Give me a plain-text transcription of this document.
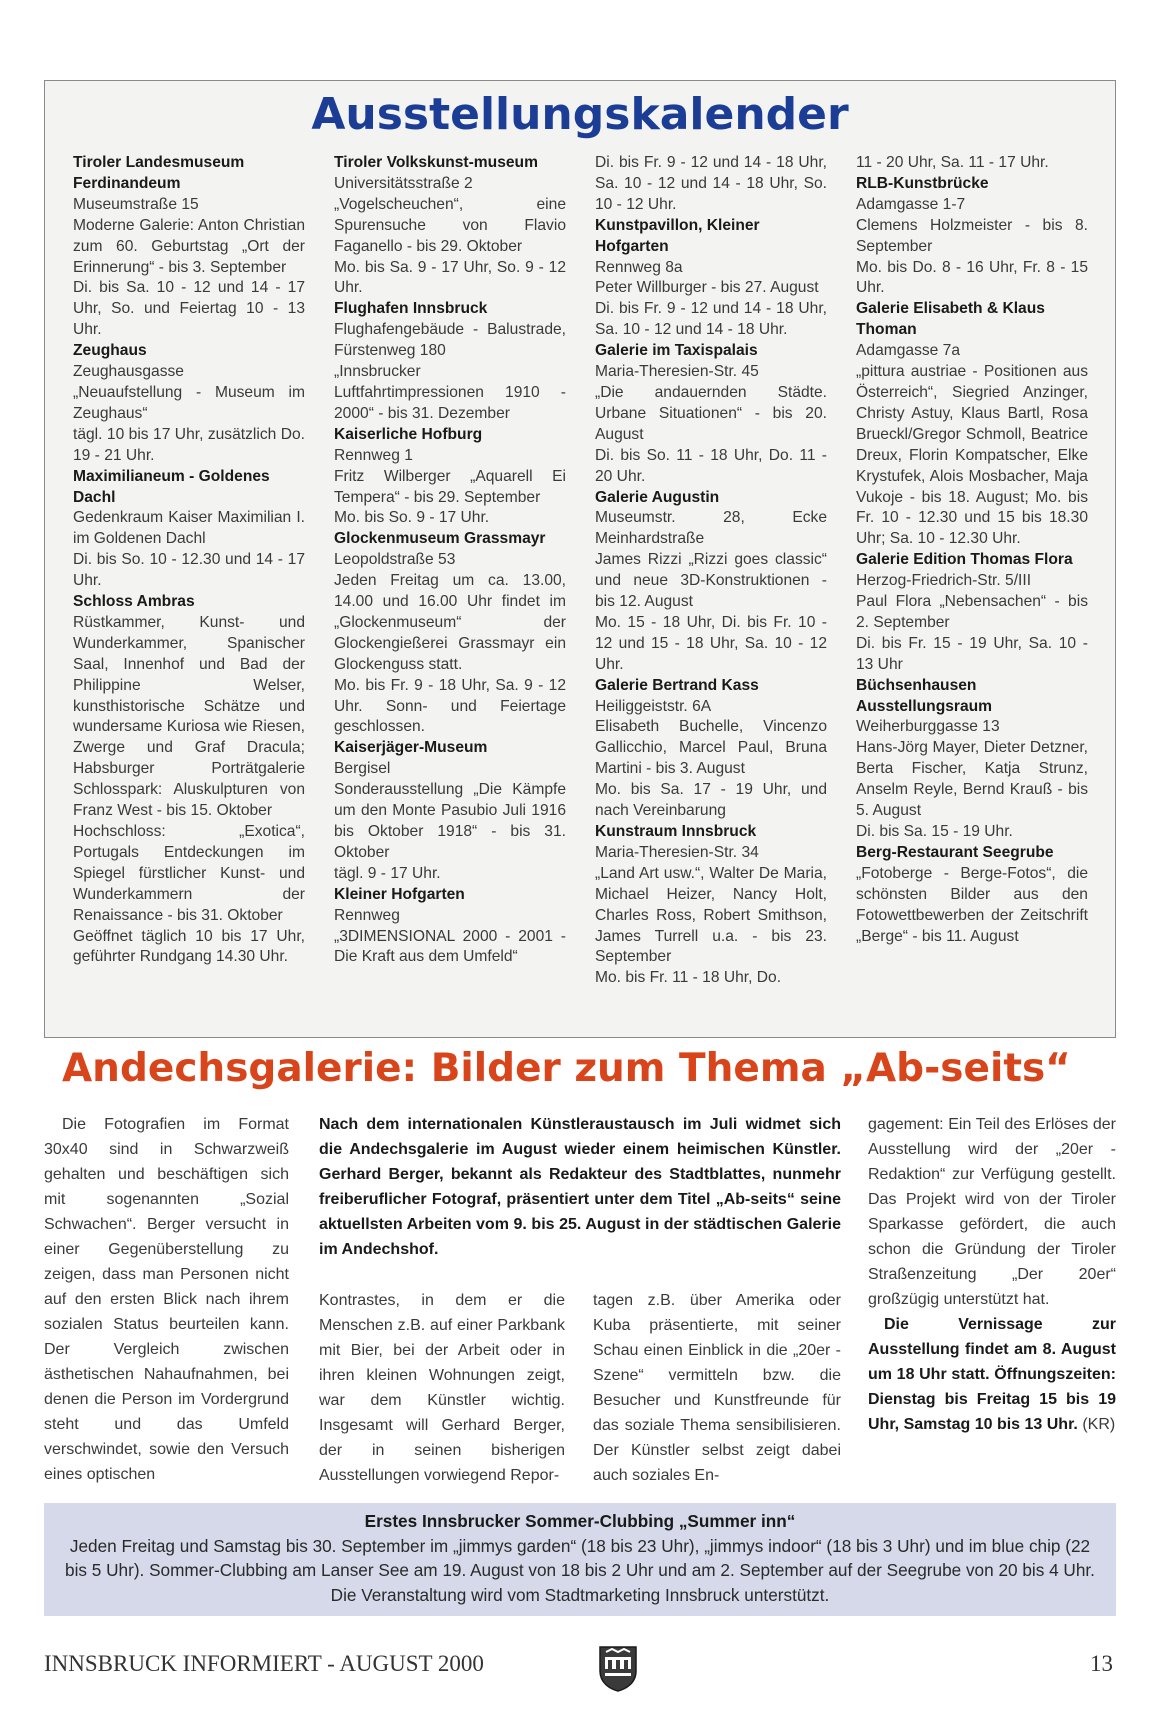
Ausstellungskalender

Tiroler Landesmuseum Ferdinandeum

Museumstraße 15

Moderne Galerie: Anton Christian zum 60. Geburtstag „Ort der Erinnerung“ - bis 3. September

Di. bis Sa. 10 - 12 und 14 - 17 Uhr, So. und Feiertag 10 - 13 Uhr.

Zeughaus

Zeughausgasse

„Neuaufstellung - Museum im Zeughaus“

tägl. 10 bis 17 Uhr, zusätzlich Do. 19 - 21 Uhr.

Maximilianeum - Goldenes Dachl

Gedenkraum Kaiser Maximilian I. im Goldenen Dachl

Di. bis So. 10 - 12.30 und 14 - 17 Uhr.

Schloss Ambras

Rüstkammer, Kunst- und Wunderkammer, Spanischer Saal, Innenhof und Bad der Philippine Welser, kunsthistorische Schätze und wundersame Kuriosa wie Riesen, Zwerge und Graf Dracula; Habsburger Porträtgalerie Schlosspark: Aluskulpturen von Franz West - bis 15. Oktober

Hochschloss: „Exotica“, Portugals Entdeckungen im Spiegel fürstlicher Kunst- und Wunderkammern der Renaissance - bis 31. Oktober

Geöffnet täglich 10 bis 17 Uhr, geführter Rundgang 14.30 Uhr.

Tiroler Volkskunst-museum

Universitätsstraße 2

„Vogelscheuchen“, eine Spurensuche von Flavio Faganello - bis 29. Oktober

Mo. bis Sa. 9 - 17 Uhr, So. 9 - 12 Uhr.

Flughafen Innsbruck

Flughafengebäude - Balustrade, Fürstenweg 180

„Innsbrucker Luftfahrtimpressionen 1910 - 2000“ - bis 31. Dezember

Kaiserliche Hofburg

Rennweg 1

Fritz Wilberger „Aquarell Ei Tempera“ - bis 29. September

Mo. bis So. 9 - 17 Uhr.

Glockenmuseum Grassmayr

Leopoldstraße 53

Jeden Freitag um ca. 13.00, 14.00 und 16.00 Uhr findet im „Glockenmuseum“ der Glockengießerei Grassmayr ein Glockenguss statt.

Mo. bis Fr. 9 - 18 Uhr, Sa. 9 - 12 Uhr. Sonn- und Feiertage geschlossen.

Kaiserjäger-Museum

Bergisel

Sonderausstellung „Die Kämpfe um den Monte Pasubio Juli 1916 bis Oktober 1918“ - bis 31. Oktober

tägl. 9 - 17 Uhr.

Kleiner Hofgarten

Rennweg

„3DIMENSIONAL 2000 - 2001 - Die Kraft aus dem Umfeld“

Di. bis Fr. 9 - 12 und 14 - 18 Uhr, Sa. 10 - 12 und 14 - 18 Uhr, So. 10 - 12 Uhr.

Kunstpavillon, Kleiner Hofgarten

Rennweg 8a

Peter Willburger - bis 27. August

Di. bis Fr. 9 - 12 und 14 - 18 Uhr, Sa. 10 - 12 und 14 - 18 Uhr.

Galerie im Taxispalais

Maria-Theresien-Str. 45

„Die andauernden Städte. Urbane Situationen“ - bis 20. August

Di. bis So. 11 - 18 Uhr, Do. 11 - 20 Uhr.

Galerie Augustin

Museumstr. 28, Ecke Meinhardstraße

James Rizzi „Rizzi goes classic“ und neue 3D-Konstruktionen - bis 12. August

Mo. 15 - 18 Uhr, Di. bis Fr. 10 - 12 und 15 - 18 Uhr, Sa. 10 - 12 Uhr.

Galerie Bertrand Kass

Heiliggeiststr. 6A

Elisabeth Buchelle, Vincenzo Gallicchio, Marcel Paul, Bruna Martini - bis 3. August

Mo. bis Sa. 17 - 19 Uhr, und nach Vereinbarung

Kunstraum Innsbruck

Maria-Theresien-Str. 34

„Land Art usw.“, Walter De Maria, Michael Heizer, Nancy Holt, Charles Ross, Robert Smithson, James Turrell u.a. - bis 23. September

Mo. bis Fr. 11 - 18 Uhr, Do.

11 - 20 Uhr, Sa. 11 - 17 Uhr.

RLB-Kunstbrücke

Adamgasse 1-7

Clemens Holzmeister - bis 8. September

Mo. bis Do. 8 - 16 Uhr, Fr. 8 - 15 Uhr.

Galerie Elisabeth & Klaus Thoman

Adamgasse 7a

„pittura austriae - Positionen aus Österreich“, Siegried Anzinger, Christy Astuy, Klaus Bartl, Rosa Brueckl/Gregor Schmoll, Beatrice Dreux, Florin Kompatscher, Elke Krystufek, Alois Mosbacher, Maja Vukoje - bis 18. August; Mo. bis Fr. 10 - 12.30 und 15 bis 18.30 Uhr; Sa. 10 - 12.30 Uhr.

Galerie Edition Thomas Flora

Herzog-Friedrich-Str. 5/III

Paul Flora „Nebensachen“ - bis 2. September

Di. bis Fr. 15 - 19 Uhr, Sa. 10 - 13 Uhr

Büchsenhausen Ausstellungsraum

Weiherburggasse 13

Hans-Jörg Mayer, Dieter Detzner, Berta Fischer, Katja Strunz, Anselm Reyle, Bernd Krauß - bis 5. August

Di. bis Sa. 15 - 19 Uhr.

Berg-Restaurant Seegrube

„Fotoberge - Berge-Fotos“, die schönsten Bilder aus den Fotowettbewerben der Zeitschrift „Berge“ - bis 11. August

Andechsgalerie: Bilder zum Thema „Ab-seits“

Die Fotografien im Format 30x40 sind in Schwarzweiß gehalten und beschäftigen sich mit sogenannten „Sozial Schwachen“. Berger versucht in einer Gegenüberstellung zu zeigen, dass man Personen nicht auf den ersten Blick nach ihrem sozialen Status beurteilen kann. Der Vergleich zwischen ästhetischen Nahaufnahmen, bei denen die Person im Vordergrund steht und das Umfeld verschwindet, sowie den Versuch eines optischen

Nach dem internationalen Künstleraustausch im Juli widmet sich die Andechsgalerie im August wieder einem heimischen Künstler. Gerhard Berger, bekannt als Redakteur des Stadtblattes, nunmehr freiberuflicher Fotograf, präsentiert unter dem Titel „Ab-seits“ seine aktuellsten Arbeiten vom 9. bis 25. August in der städtischen Galerie im Andechshof.

Kontrastes, in dem er die Menschen z.B. auf einer Parkbank mit Bier, bei der Arbeit oder in ihren kleinen Wohnungen zeigt, war dem Künstler wichtig. Insgesamt will Gerhard Berger, der in seinen bisherigen Ausstellungen vorwiegend Repor-

tagen z.B. über Amerika oder Kuba präsentierte, mit seiner Schau einen Einblick in die „20er - Szene“ vermitteln bzw. die Besucher und Kunstfreunde für das soziale Thema sensibilisieren. Der Künstler selbst zeigt dabei auch soziales En-

gagement: Ein Teil des Erlöses der Ausstellung wird der „20er - Redaktion“ zur Verfügung gestellt. Das Projekt wird von der Tiroler Sparkasse gefördert, die auch schon die Gründung der Tiroler Straßenzeitung „Der 20er“ großzügig unterstützt hat.
Die Vernissage zur Ausstellung findet am 8. August um 18 Uhr statt. Öffnungszeiten: Dienstag bis Freitag 15 bis 19 Uhr, Samstag 10 bis 13 Uhr. (KR)

Erstes Innsbrucker Sommer-Clubbing „Summer inn“

Jeden Freitag und Samstag bis 30. September im „jimmys garden“ (18 bis 23 Uhr), „jimmys indoor“ (18 bis 3 Uhr) und im blue chip (22 bis 5 Uhr). Sommer-Clubbing am Lanser See am 19. August von 18 bis 2 Uhr und am 2. September auf der Seegrube von 20 bis 4 Uhr. Die Veranstaltung wird vom Stadtmarketing Innsbruck unterstützt.

INNSBRUCK INFORMIERT - AUGUST 2000	13
